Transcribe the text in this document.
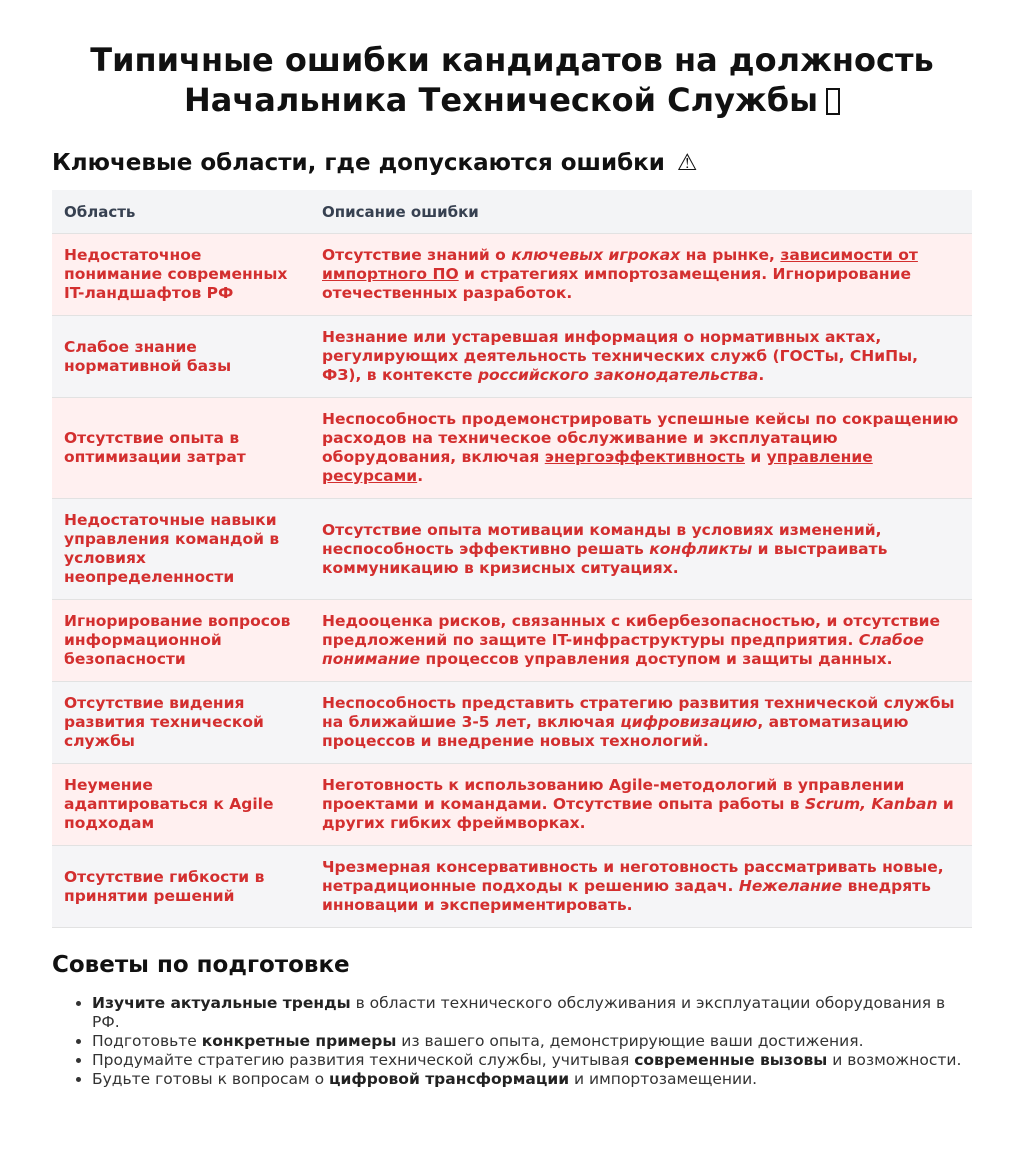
Типичные ошибки кандидатов на должность
Начальника Технической Службы
Ключевые области, где допускаются ошибки ⚠
Область	Описание ошибки
Недостаточное понимание современных IT-ландшафтов РФ	Отсутствие знаний о ключевых игроках на рынке, зависимости от импортного ПО и стратегиях импортозамещения. Игнорирование отечественных разработок.
Слабое знание нормативной базы	Незнание или устаревшая информация о нормативных актах, регулирующих деятельность технических служб (ГОСТы, СНиПы, ФЗ), в контексте российского законодательства.
Отсутствие опыта в оптимизации затрат	Неспособность продемонстрировать успешные кейсы по сокращению расходов на техническое обслуживание и эксплуатацию оборудования, включая энергоэффективность и управление ресурсами.
Недостаточные навыки управления командой в условиях неопределенности	Отсутствие опыта мотивации команды в условиях изменений, неспособность эффективно решать конфликты и выстраивать коммуникацию в кризисных ситуациях.
Игнорирование вопросов информационной безопасности	Недооценка рисков, связанных с кибербезопасностью, и отсутствие предложений по защите IT-инфраструктуры предприятия. Слабое понимание процессов управления доступом и защиты данных.
Отсутствие видения развития технической службы	Неспособность представить стратегию развития технической службы на ближайшие 3-5 лет, включая цифровизацию, автоматизацию процессов и внедрение новых технологий.
Неумение адаптироваться к Agile подходам	Неготовность к использованию Agile-методологий в управлении проектами и командами. Отсутствие опыта работы в Scrum, Kanban и других гибких фреймворках.
Отсутствие гибкости в принятии решений	Чрезмерная консервативность и неготовность рассматривать новые, нетрадиционные подходы к решению задач. Нежелание внедрять инновации и экспериментировать.
Советы по подготовке
• Изучите актуальные тренды в области технического обслуживания и эксплуатации оборудования в РФ.
• Подготовьте конкретные примеры из вашего опыта, демонстрирующие ваши достижения.
• Продумайте стратегию развития технической службы, учитывая современные вызовы и возможности.
• Будьте готовы к вопросам о цифровой трансформации и импортозамещении.
